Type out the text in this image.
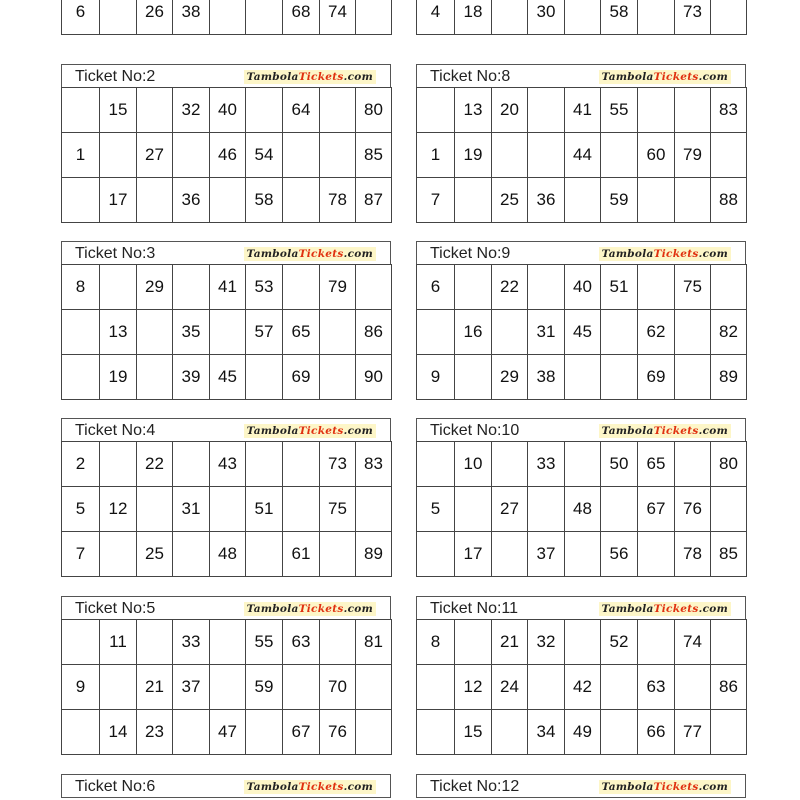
6		26	38			68	74	
Ticket No:2	TambolaTickets.com
	15		32	40		64		80
1		27		46	54			85
	17		36		58		78	87
Ticket No:3	TambolaTickets.com
8		29		41	53		79	
	13		35		57	65		86
	19		39	45		69		90
Ticket No:4	TambolaTickets.com
2		22		43			73	83
5	12		31		51		75	
7		25		48		61		89
Ticket No:5	TambolaTickets.com
	11		33		55	63		81
9		21	37		59		70	
	14	23		47		67	76	
Ticket No:6	TambolaTickets.com
4	18		30		58		73	
Ticket No:8	TambolaTickets.com
	13	20		41	55			83
1	19			44		60	79	
7		25	36		59			88
Ticket No:9	TambolaTickets.com
6		22		40	51		75	
	16		31	45		62		82
9		29	38			69		89
Ticket No:10	TambolaTickets.com
	10		33		50	65		80
5		27		48		67	76	
	17		37		56		78	85
Ticket No:11	TambolaTickets.com
8		21	32		52		74	
	12	24		42		63		86
	15		34	49		66	77	
Ticket No:12	TambolaTickets.com
